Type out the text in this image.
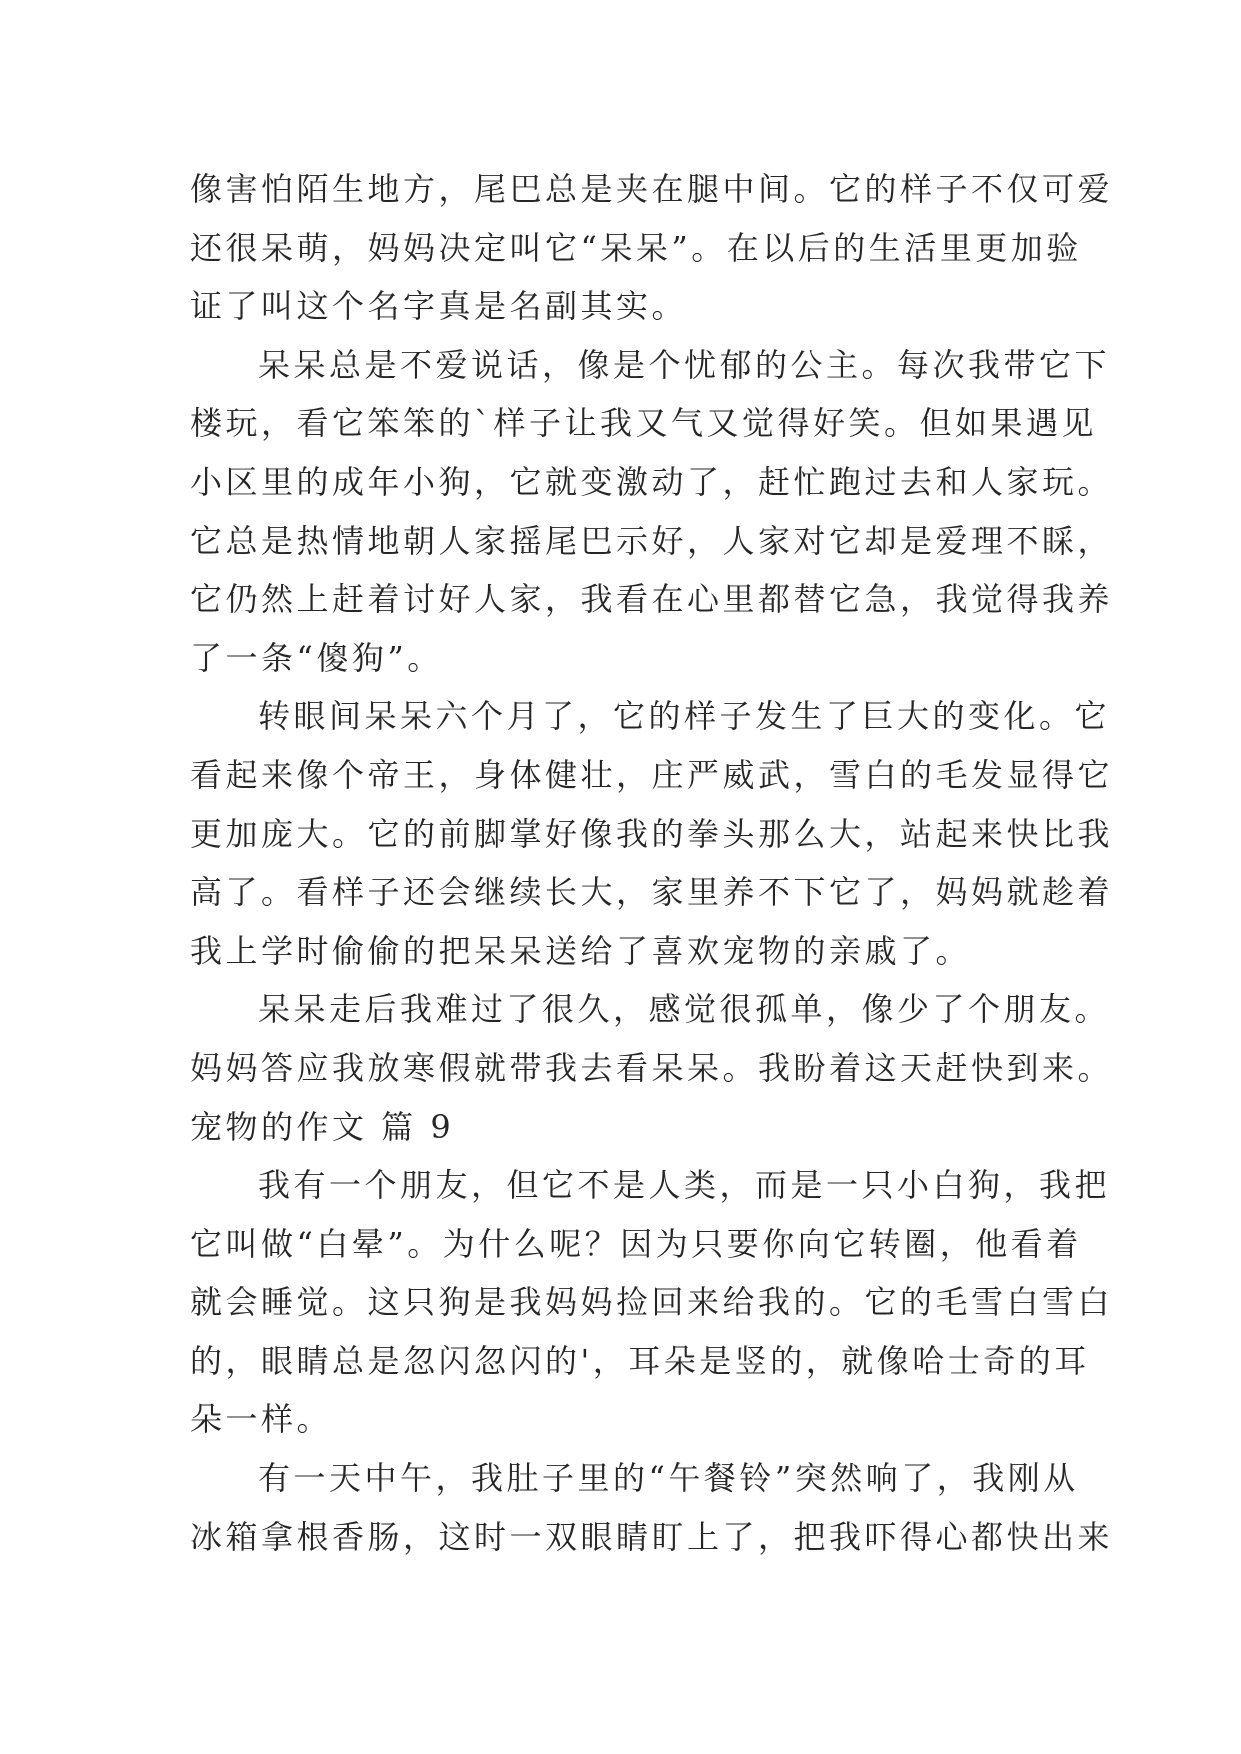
像害怕陌生地方，尾巴总是夹在腿中间。它的样子不仅可爱
还很呆萌，妈妈决定叫它“呆呆”。在以后的生活里更加验
证了叫这个名字真是名副其实。
呆呆总是不爱说话，像是个忧郁的公主。每次我带它下
楼玩，看它笨笨的`样子让我又气又觉得好笑。但如果遇见
小区里的成年小狗，它就变激动了，赶忙跑过去和人家玩。
它总是热情地朝人家摇尾巴示好，人家对它却是爱理不睬，
它仍然上赶着讨好人家，我看在心里都替它急，我觉得我养
了一条“傻狗”。
转眼间呆呆六个月了，它的样子发生了巨大的变化。它
看起来像个帝王，身体健壮，庄严威武，雪白的毛发显得它
更加庞大。它的前脚掌好像我的拳头那么大，站起来快比我
高了。看样子还会继续长大，家里养不下它了，妈妈就趁着
我上学时偷偷的把呆呆送给了喜欢宠物的亲戚了。
呆呆走后我难过了很久，感觉很孤单，像少了个朋友。
妈妈答应我放寒假就带我去看呆呆。我盼着这天赶快到来。
宠物的作文 篇 9
我有一个朋友，但它不是人类，而是一只小白狗，我把
它叫做“白晕”。为什么呢？因为只要你向它转圈，他看着
就会睡觉。这只狗是我妈妈捡回来给我的。它的毛雪白雪白
的，眼睛总是忽闪忽闪的'，耳朵是竖的，就像哈士奇的耳
朵一样。
有一天中午，我肚子里的“午餐铃”突然响了，我刚从
冰箱拿根香肠，这时一双眼睛盯上了，把我吓得心都快出来
